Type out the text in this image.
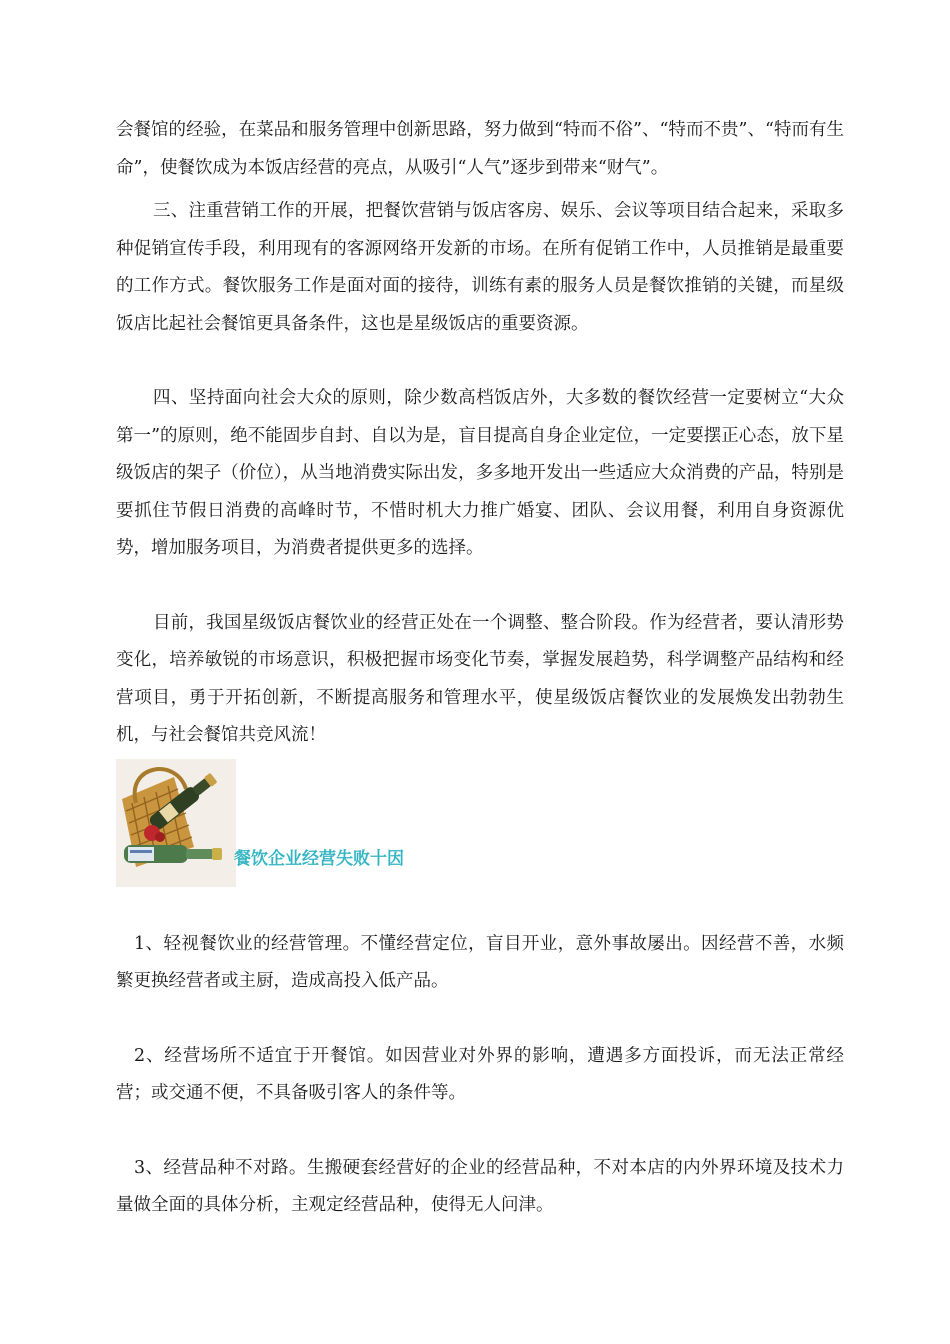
会餐馆的经验，在菜品和服务管理中创新思路，努力做到“特而不俗”、“特而不贵”、“特而有生命”，使餐饮成为本饭店经营的亮点，从吸引“人气”逐步到带来“财气”。

三、注重营销工作的开展，把餐饮营销与饭店客房、娱乐、会议等项目结合起来，采取多种促销宣传手段，利用现有的客源网络开发新的市场。在所有促销工作中，人员推销是最重要的工作方式。餐饮服务工作是面对面的接待，训练有素的服务人员是餐饮推销的关键，而星级饭店比起社会餐馆更具备条件，这也是星级饭店的重要资源。

四、坚持面向社会大众的原则，除少数高档饭店外，大多数的餐饮经营一定要树立“大众第一”的原则，绝不能固步自封、自以为是，盲目提高自身企业定位，一定要摆正心态，放下星级饭店的架子（价位），从当地消费实际出发，多多地开发出一些适应大众消费的产品，特别是要抓住节假日消费的高峰时节，不惜时机大力推广婚宴、团队、会议用餐，利用自身资源优势，增加服务项目，为消费者提供更多的选择。

目前，我国星级饭店餐饮业的经营正处在一个调整、整合阶段。作为经营者，要认清形势变化，培养敏锐的市场意识，积极把握市场变化节奏，掌握发展趋势，科学调整产品结构和经营项目，勇于开拓创新，不断提高服务和管理水平，使星级饭店餐饮业的发展焕发出勃勃生机，与社会餐馆共竞风流！

餐饮企业经营失败十因

1、轻视餐饮业的经营管理。不懂经营定位，盲目开业，意外事故屡出。因经营不善，水频繁更换经营者或主厨，造成高投入低产品。

2、经营场所不适宜于开餐馆。如因营业对外界的影响，遭遇多方面投诉，而无法正常经营；或交通不便，不具备吸引客人的条件等。

3、经营品种不对路。生搬硬套经营好的企业的经营品种，不对本店的内外界环境及技术力量做全面的具体分析，主观定经营品种，使得无人问津。
